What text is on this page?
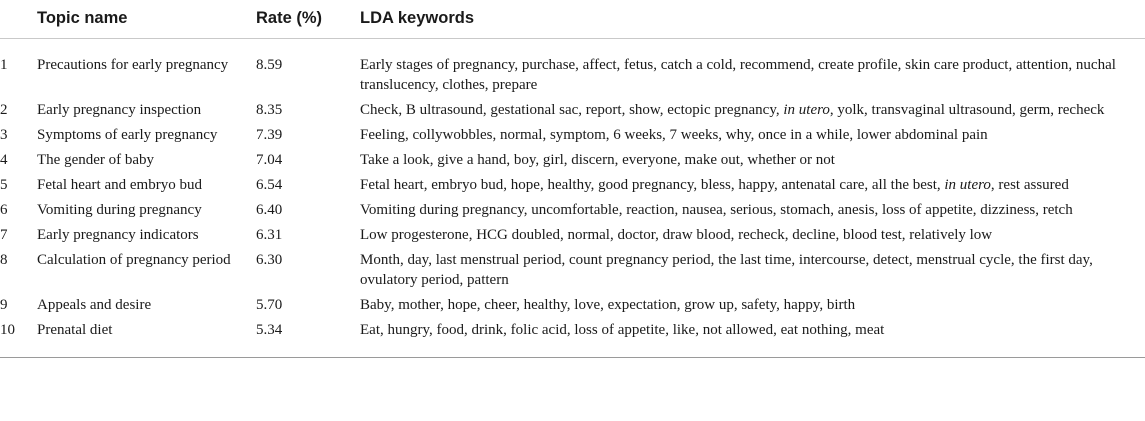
	Topic name	Rate (%)	LDA keywords
1	Precautions for early pregnancy	8.59	Early stages of pregnancy, purchase, affect, fetus, catch a cold, recommend, create profile, skin care product, attention, nuchal translucency, clothes, prepare
2	Early pregnancy inspection	8.35	Check, B ultrasound, gestational sac, report, show, ectopic pregnancy, in utero, yolk, transvaginal ultrasound, germ, recheck
3	Symptoms of early pregnancy	7.39	Feeling, collywobbles, normal, symptom, 6 weeks, 7 weeks, why, once in a while, lower abdominal pain
4	The gender of baby	7.04	Take a look, give a hand, boy, girl, discern, everyone, make out, whether or not
5	Fetal heart and embryo bud	6.54	Fetal heart, embryo bud, hope, healthy, good pregnancy, bless, happy, antenatal care, all the best, in utero, rest assured
6	Vomiting during pregnancy	6.40	Vomiting during pregnancy, uncomfortable, reaction, nausea, serious, stomach, anesis, loss of appetite, dizziness, retch
7	Early pregnancy indicators	6.31	Low progesterone, HCG doubled, normal, doctor, draw blood, recheck, decline, blood test, relatively low
8	Calculation of pregnancy period	6.30	Month, day, last menstrual period, count pregnancy period, the last time, intercourse, detect, menstrual cycle, the first day, ovulatory period, pattern
9	Appeals and desire	5.70	Baby, mother, hope, cheer, healthy, love, expectation, grow up, safety, happy, birth
10	Prenatal diet	5.34	Eat, hungry, food, drink, folic acid, loss of appetite, like, not allowed, eat nothing, meat
